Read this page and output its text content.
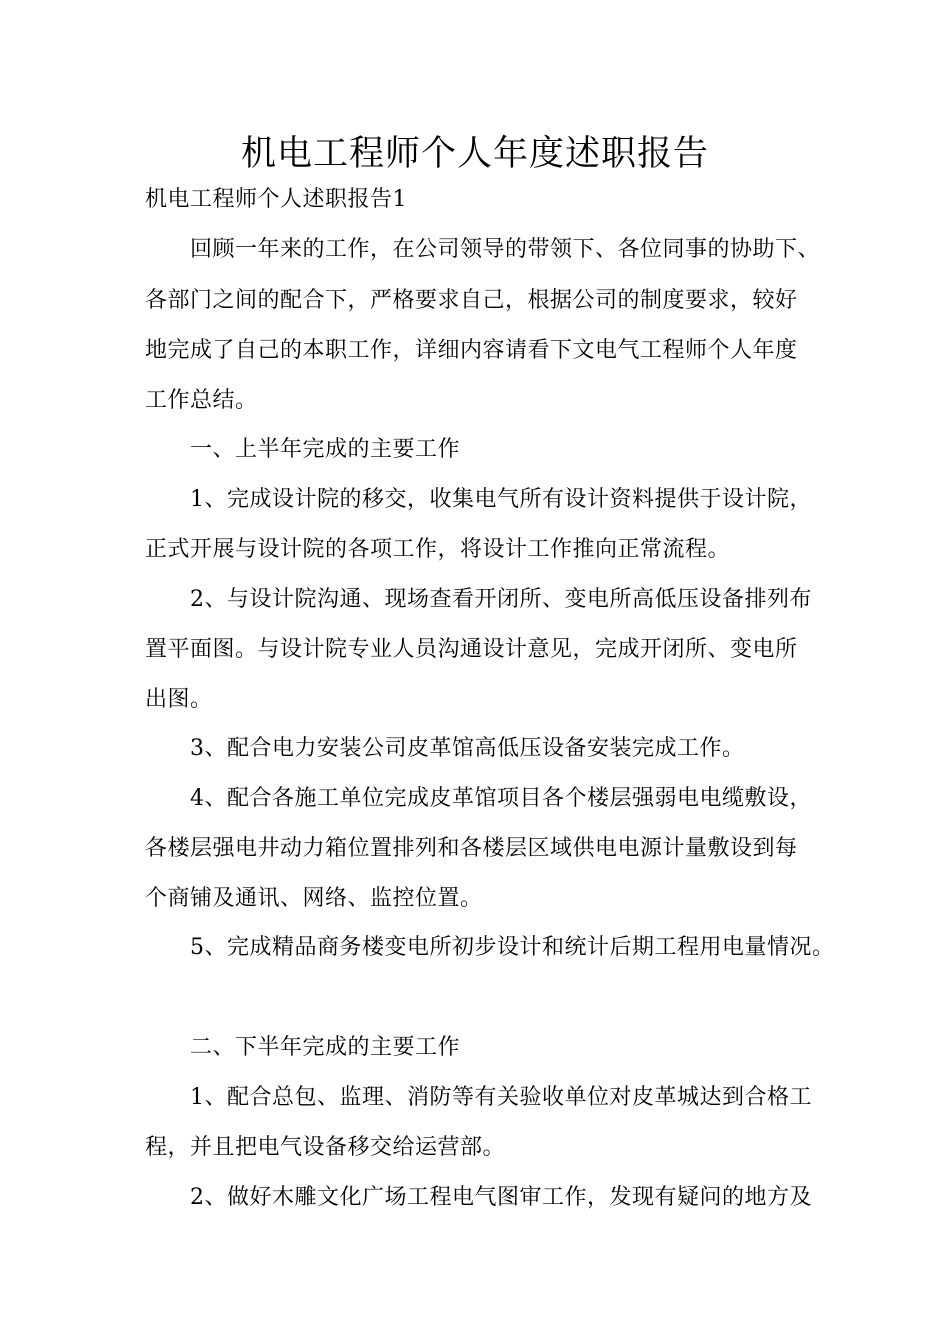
机电工程师个人年度述职报告
机电工程师个人述职报告1
回顾一年来的工作，在公司领导的带领下、各位同事的协助下、
各部门之间的配合下，严格要求自己，根据公司的制度要求，较好
地完成了自己的本职工作，详细内容请看下文电气工程师个人年度
工作总结。
一、上半年完成的主要工作
1、完成设计院的移交，收集电气所有设计资料提供于设计院，
正式开展与设计院的各项工作，将设计工作推向正常流程。
2、与设计院沟通、现场查看开闭所、变电所高低压设备排列布
置平面图。与设计院专业人员沟通设计意见，完成开闭所、变电所
出图。
3、配合电力安装公司皮革馆高低压设备安装完成工作。
4、配合各施工单位完成皮革馆项目各个楼层强弱电电缆敷设，
各楼层强电井动力箱位置排列和各楼层区域供电电源计量敷设到每
个商铺及通讯、网络、监控位置。
5、完成精品商务楼变电所初步设计和统计后期工程用电量情况。
二、下半年完成的主要工作
1、配合总包、监理、消防等有关验收单位对皮革城达到合格工
程，并且把电气设备移交给运营部。
2、做好木雕文化广场工程电气图审工作，发现有疑问的地方及
